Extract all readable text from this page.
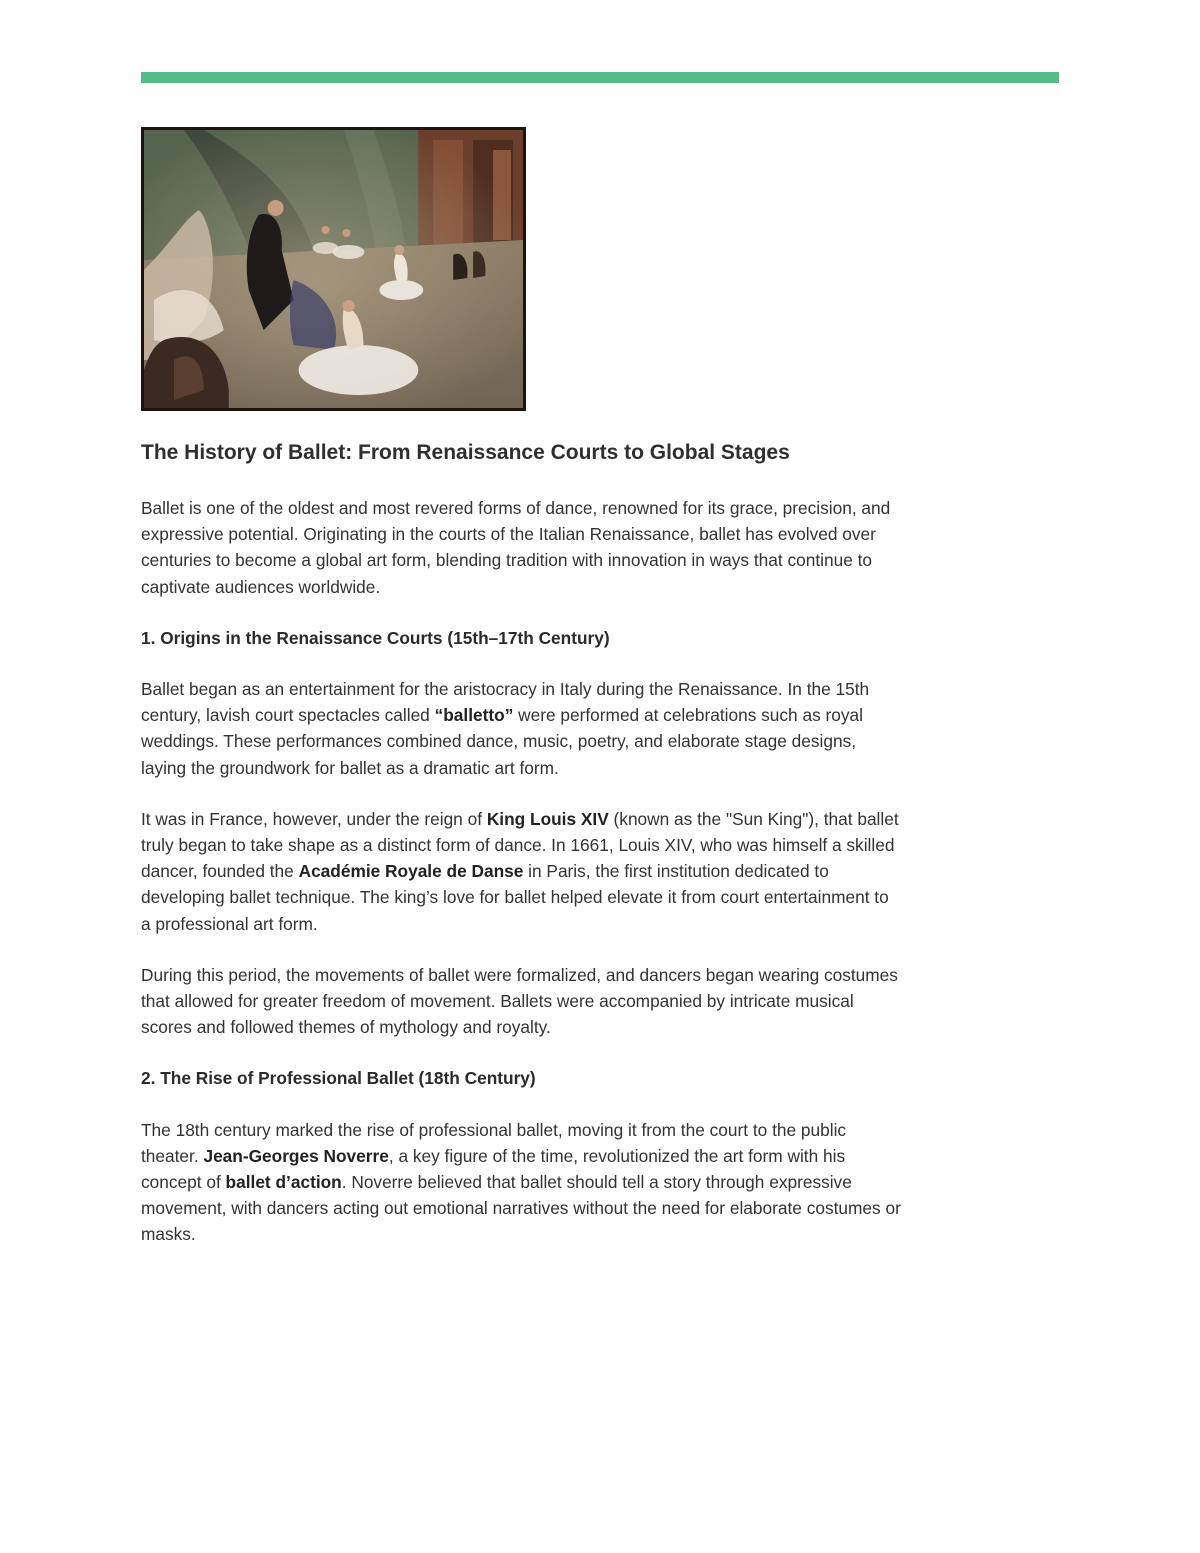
The History of Ballet: From Renaissance Courts to Global Stages

Ballet is one of the oldest and most revered forms of dance, renowned for its grace, precision, and expressive potential. Originating in the courts of the Italian Renaissance, ballet has evolved over centuries to become a global art form, blending tradition with innovation in ways that continue to captivate audiences worldwide.

1. Origins in the Renaissance Courts (15th–17th Century)

Ballet began as an entertainment for the aristocracy in Italy during the Renaissance. In the 15th century, lavish court spectacles called “balletto” were performed at celebrations such as royal weddings. These performances combined dance, music, poetry, and elaborate stage designs, laying the groundwork for ballet as a dramatic art form.

It was in France, however, under the reign of King Louis XIV (known as the "Sun King"), that ballet truly began to take shape as a distinct form of dance. In 1661, Louis XIV, who was himself a skilled dancer, founded the Académie Royale de Danse in Paris, the first institution dedicated to developing ballet technique. The king’s love for ballet helped elevate it from court entertainment to a professional art form.

During this period, the movements of ballet were formalized, and dancers began wearing costumes that allowed for greater freedom of movement. Ballets were accompanied by intricate musical scores and followed themes of mythology and royalty.

2. The Rise of Professional Ballet (18th Century)

The 18th century marked the rise of professional ballet, moving it from the court to the public theater. Jean-Georges Noverre, a key figure of the time, revolutionized the art form with his concept of ballet d’action. Noverre believed that ballet should tell a story through expressive movement, with dancers acting out emotional narratives without the need for elaborate costumes or masks.
